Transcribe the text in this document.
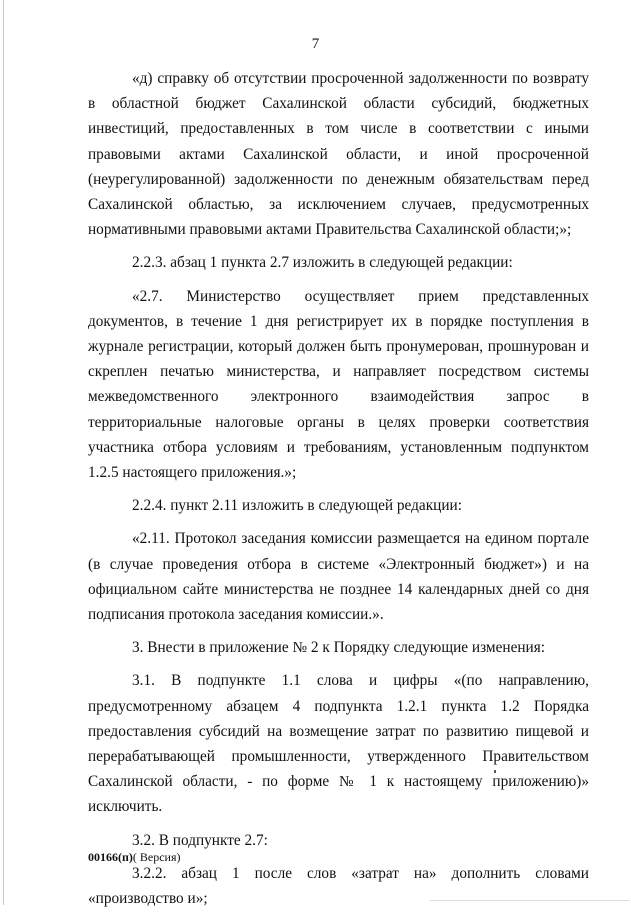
7

«д) справку об отсутствии просроченной задолженности по возврату в областной бюджет Сахалинской области субсидий, бюджетных инвестиций, предоставленных в том числе в соответствии с иными правовыми актами Сахалинской области, и иной просроченной (неурегулированной) задолженности по денежным обязательствам перед Сахалинской областью, за исключением случаев, предусмотренных нормативными правовыми актами Правительства Сахалинской области;»;

2.2.3. абзац 1 пункта 2.7 изложить в следующей редакции:

«2.7. Министерство осуществляет прием представленных документов, в течение 1 дня регистрирует их в порядке поступления в журнале регистрации, который должен быть пронумерован, прошнурован и скреплен печатью министерства, и направляет посредством системы межведомственного электронного взаимодействия запрос в территориальные налоговые органы в целях проверки соответствия участника отбора условиям и требованиям, установленным подпунктом 1.2.5 настоящего приложения.»;

2.2.4. пункт 2.11 изложить в следующей редакции:

«2.11. Протокол заседания комиссии размещается на едином портале (в случае проведения отбора в системе «Электронный бюджет») и на официальном сайте министерства не позднее 14 календарных дней со дня подписания протокола заседания комиссии.».

3. Внести в приложение № 2 к Порядку следующие изменения:

3.1. В подпункте 1.1 слова и цифры «(по направлению, предусмотренному абзацем 4 подпункта 1.2.1 пункта 1.2 Порядка предоставления субсидий на возмещение затрат по развитию пищевой и перерабатывающей промышленности, утвержденного Правительством Сахалинской области, - по форме № 1 к настоящему приложению)» исключить.

3.2. В подпункте 2.7:

3.2.2. абзац 1 после слов «затрат на» дополнить словами «производство и»;

00166(п)( Версия)
